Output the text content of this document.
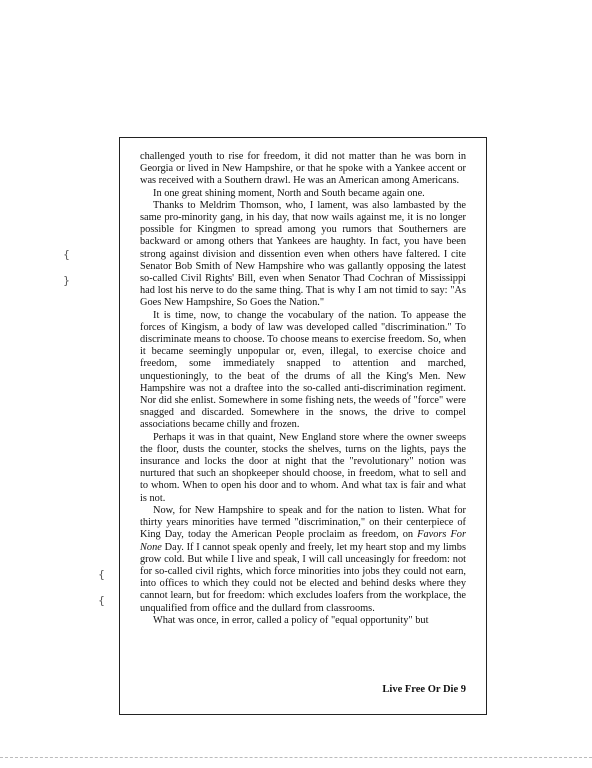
{
}
{
{

challenged youth to rise for freedom, it did not matter than he was born in Georgia or lived in New Hampshire, or that he spoke with a Yankee accent or was received with a Southern drawl. He was an American among Americans.

In one great shining moment, North and South became again one.

Thanks to Meldrim Thomson, who, I lament, was also lambasted by the same pro-minority gang, in his day, that now wails against me, it is no longer possible for Kingmen to spread among you rumors that Southerners are backward or among others that Yankees are haughty. In fact, you have been strong against division and dissention even when others have faltered. I cite Senator Bob Smith of New Hampshire who was gallantly opposing the latest so-called Civil Rights' Bill, even when Senator Thad Cochran of Mississippi had lost his nerve to do the same thing. That is why I am not timid to say: "As Goes New Hampshire, So Goes the Nation."

It is time, now, to change the vocabulary of the nation. To appease the forces of Kingism, a body of law was developed called "discrimination." To discriminate means to choose. To choose means to exercise freedom. So, when it became seemingly unpopular or, even, illegal, to exercise choice and freedom, some immediately snapped to attention and marched, unquestioningly, to the beat of the drums of all the King's Men. New Hampshire was not a draftee into the so-called anti-discrimination regiment. Nor did she enlist. Somewhere in some fishing nets, the weeds of "force" were snagged and discarded. Somewhere in the snows, the drive to compel associations became chilly and frozen.

Perhaps it was in that quaint, New England store where the owner sweeps the floor, dusts the counter, stocks the shelves, turns on the lights, pays the insurance and locks the door at night that the "revolutionary" notion was nurtured that such an shopkeeper should choose, in freedom, what to sell and to whom. When to open his door and to whom. And what tax is fair and what is not.

Now, for New Hampshire to speak and for the nation to listen. What for thirty years minorities have termed "discrimination," on their centerpiece of King Day, today the American People proclaim as freedom, on Favors For None Day. If I cannot speak openly and freely, let my heart stop and my limbs grow cold. But while I live and speak, I will call unceasingly for freedom: not for so-called civil rights, which force minorities into jobs they could not earn, into offices to which they could not be elected and behind desks where they cannot learn, but for freedom: which excludes loafers from the workplace, the unqualified from office and the dullard from classrooms.

What was once, in error, called a policy of "equal opportunity" but

Live Free Or Die 9
